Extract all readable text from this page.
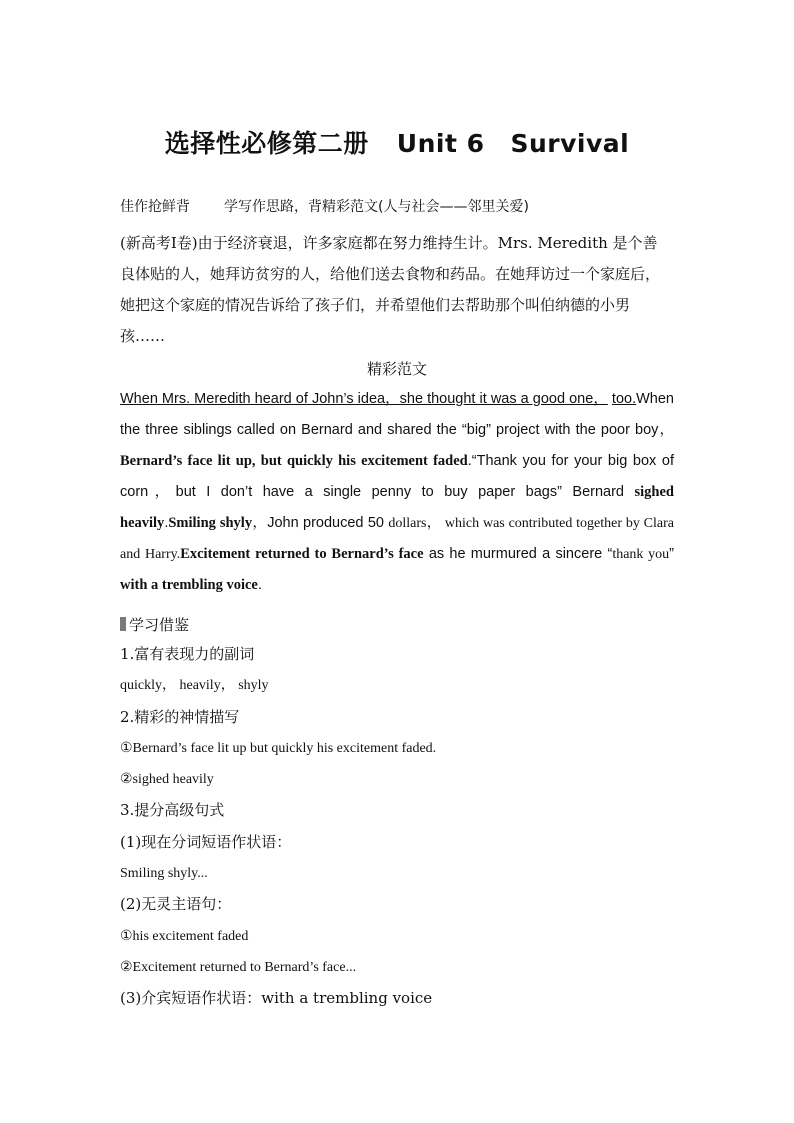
选择性必修第二册 Unit 6 Survival
佳作抢鲜背 学写作思路，背精彩范文(人与社会——邻里关爱)
(新高考Ⅰ卷)由于经济衰退，许多家庭都在努力维持生计。Mrs. Meredith 是个善
良体贴的人，她拜访贫穷的人，给他们送去食物和药品。在她拜访过一个家庭后，
她把这个家庭的情况告诉给了孩子们，并希望他们去帮助那个叫伯纳德的小男
孩……
精彩范文
When Mrs. Meredith heard of John’s idea，she thought it was a good one， too.When the three siblings called on Bernard and shared the “big” project with the poor boy， Bernard’s face lit up, but quickly his excitement faded.“Thank you for your big box of corn，but I don’t have a single penny to buy paper bags” Bernard sighed heavily.Smiling shyly，John produced 50 dollars， which was contributed together by Clara and Harry.Excitement returned to Bernard’s face as he murmured a sincere “thank you” with a trembling voice.
学习借鉴
1.富有表现力的副词
quickly， heavily， shyly
2.精彩的神情描写
①Bernard’s face lit up but quickly his excitement faded.
②sighed heavily
3.提分高级句式
(1)现在分词短语作状语：
Smiling shyly...
(2)无灵主语句：
①his excitement faded
②Excitement returned to Bernard’s face...
(3)介宾短语作状语：with a trembling voice
